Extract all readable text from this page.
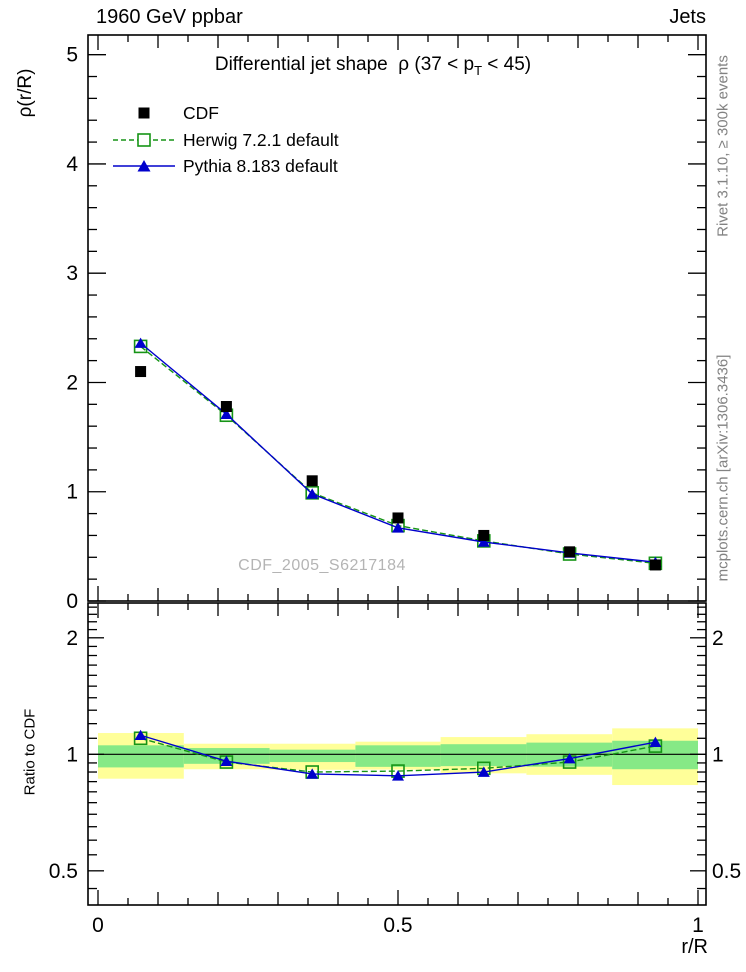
0
1
2
3
4
5
0.5	0.5
1	1
2	2
0	0.5	1
1960 GeV ppbar	Jets
Differential jet shape  ρ $(37 < p_T < 45)$
CDF
Herwig 7.2.1 default
Pythia 8.183 default
CDF_2005_S6217184
Rivet 3.1.10, ≥ 300k events
mcplots.cern.ch [arXiv:1306.3436]
ρ(r/R)
Ratio to CDF
r/R
